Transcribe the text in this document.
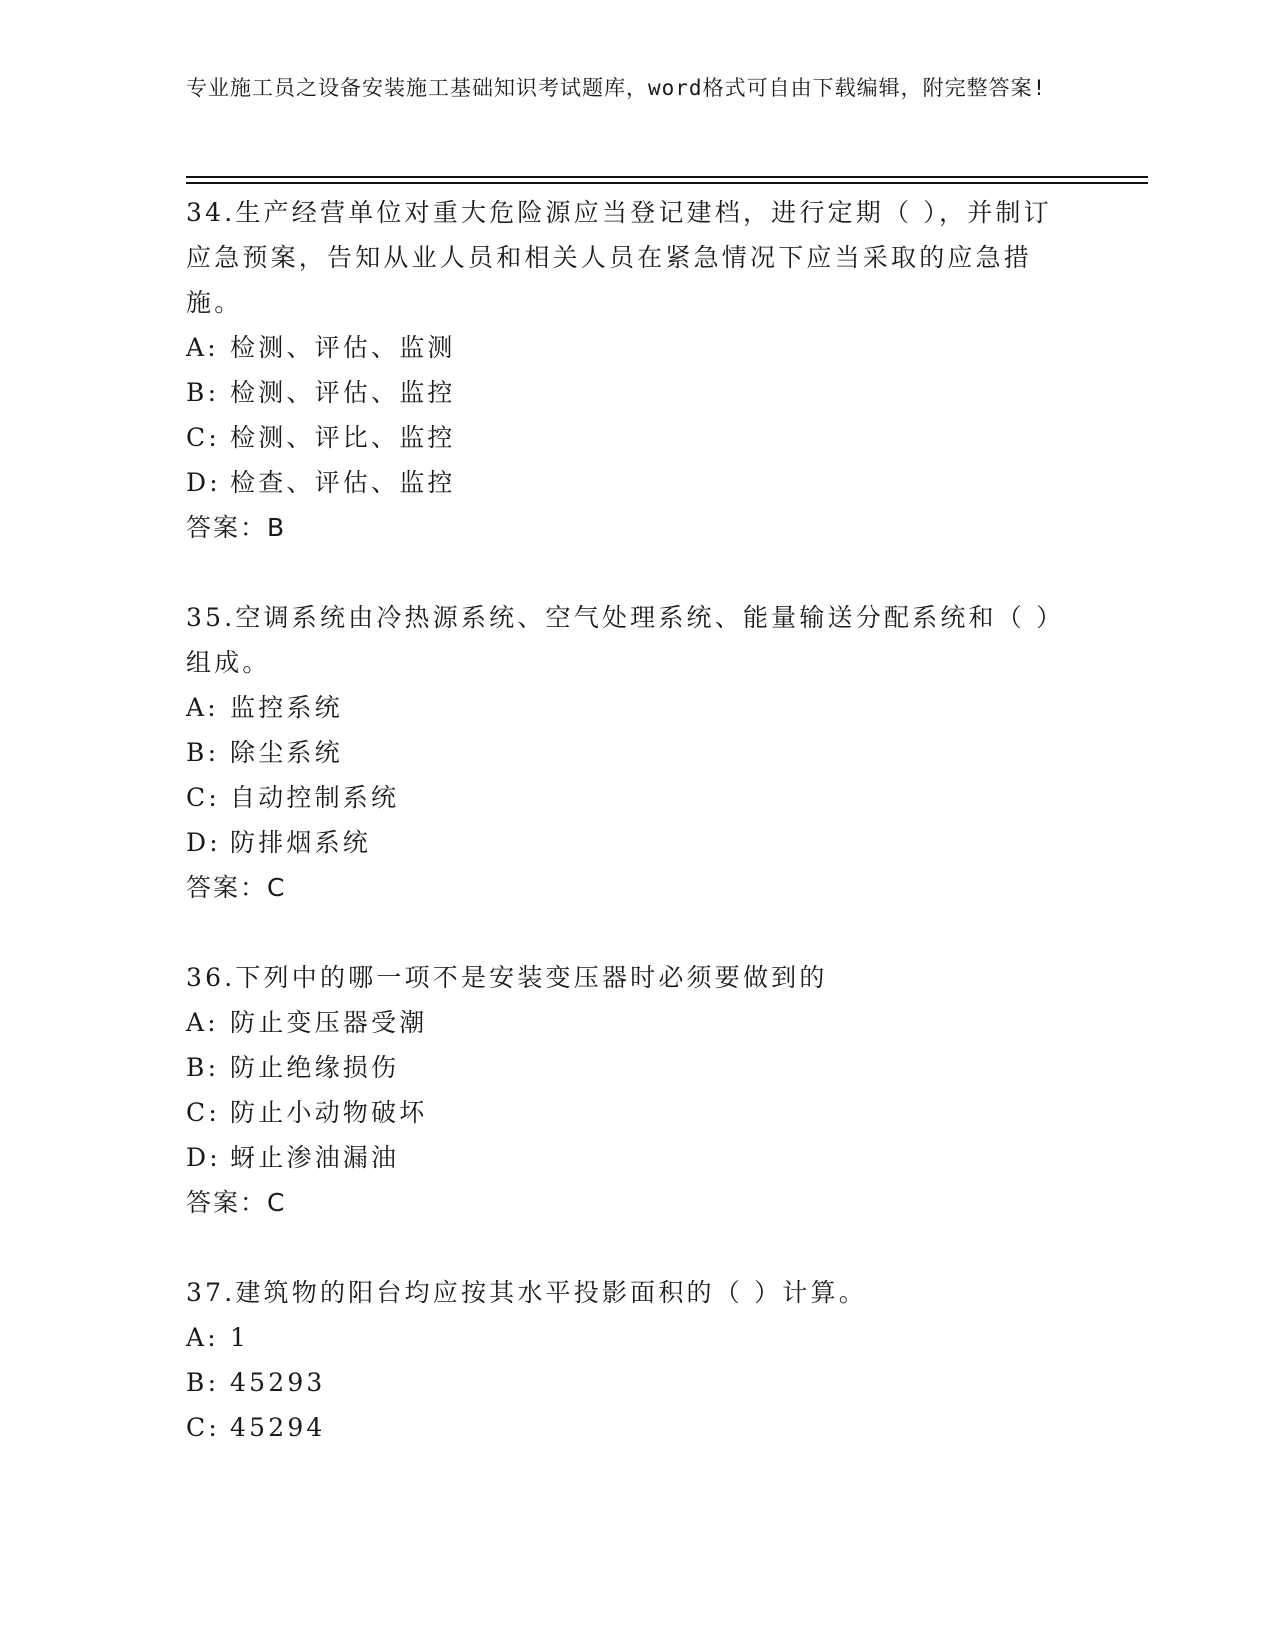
专业施工员之设备安装施工基础知识考试题库，word格式可自由下载编辑，附完整答案!

34.生产经营单位对重大危险源应当登记建档，进行定期（ ），并制订应急预案，告知从业人员和相关人员在紧急情况下应当采取的应急措施。

A: 检测、评估、监测

B: 检测、评估、监控

C: 检测、评比、监控

D: 检查、评估、监控

答案：B

35.空调系统由冷热源系统、空气处理系统、能量输送分配系统和（ ）组成。

A: 监控系统

B: 除尘系统

C: 自动控制系统

D: 防排烟系统

答案：C

36.下列中的哪一项不是安装变压器时必须要做到的

A: 防止变压器受潮

B: 防止绝缘损伤

C: 防止小动物破坏

D: 蚜止渗油漏油

答案：C

37.建筑物的阳台均应按其水平投影面积的（ ）计算。

A: 1

B: 45293

C: 45294
